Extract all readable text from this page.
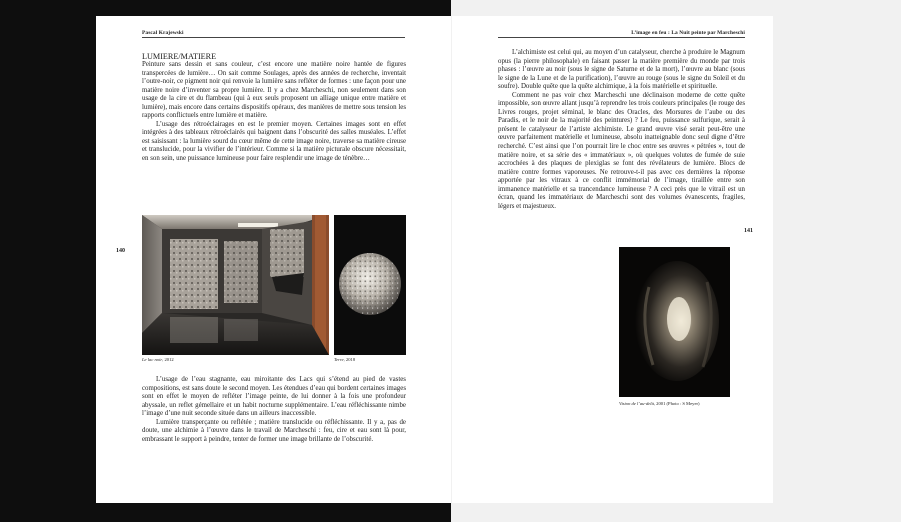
Pascal Krajewski
LUMIERE/MATIERE

Peinture sans dessin et sans couleur, c’est encore une matière noire hantée de figures transpercées de lumière… On sait comme Soulages, après des années de recherche, inventait l’outre-noir, ce pigment noir qui renvoie la lumière sans refléter de formes : une façon pour une matière noire d’inventer sa propre lumière. Il y a chez Marcheschi, non seulement dans son usage de la cire et du flambeau (qui à eux seuls proposent un alliage unique entre matière et lumière), mais encore dans certains dispositifs opéraux, des manières de mettre sous tension les rapports conflictuels entre lumière et matière.

L’usage des rétroéclairages en est le premier moyen. Certaines images sont en effet intégrées à des tableaux rétroéclairés qui baignent dans l’obscurité des salles muséales. L’effet est saisissant : la lumière sourd du cœur même de cette image noire, traverse sa matière cireuse et translucide, pour la vivifier de l’intérieur. Comme si la matière picturale obscure nécessitait, en son sein, une puissance lumineuse pour faire resplendir une image de ténèbre…

140
Le lac noir, 2012	Terre, 2018

L’usage de l’eau stagnante, eau miroitante des Lacs qui s’étend au pied de vastes compositions, est sans doute le second moyen. Les étendues d’eau qui bordent certaines images sont en effet le moyen de refléter l’image peinte, de lui donner à la fois une profondeur abyssale, un reflet gémellaire et un habit nocturne supplémentaire. L’eau réfléchissante nimbe l’image d’une nuit seconde située dans un ailleurs inaccessible.

Lumière transperçante ou reflétée ; matière translucide ou réfléchissante. Il y a, pas de doute, une alchimie à l’œuvre dans le travail de Marcheschi : feu, cire et eau sont là pour, embrassant le support à peindre, tenter de former une image brillante de l’obscurité.

L’image en feu : La Nuit peinte par Marcheschi

L’alchimiste est celui qui, au moyen d’un catalyseur, cherche à produire le Magnum opus (la pierre philosophale) en faisant passer la matière première du monde par trois phases : l’œuvre au noir (sous le signe de Saturne et de la mort), l’œuvre au blanc (sous le signe de la Lune et de la purification), l’œuvre au rouge (sous le signe du Soleil et du soufre). Double quête que la quête alchimique, à la fois matérielle et spirituelle.

Comment ne pas voir chez Marcheschi une déclinaison moderne de cette quête impossible, son œuvre allant jusqu’à reprendre les trois couleurs principales (le rouge des Livres rouges, projet séminal, le blanc des Oracles, des Morsures de l’aube ou des Paradis, et le noir de la majorité des peintures) ? Le feu, puissance sulfurique, serait à présent le catalyseur de l’artiste alchimiste. Le grand œuvre visé serait peut-être une œuvre parfaitement matérielle et lumineuse, absolu inatteignable donc seul digne d’être recherché. C’est ainsi que l’on pourrait lire le choc entre ses œuvres « pétrées », tout de matière noire, et sa série des « immatériaux », où quelques volutes de fumée de suie accrochées à des plaques de plexiglas se font des révélateurs de lumière. Blocs de matière contre formes vaporeuses. Ne retrouve-t-il pas avec ces dernières la réponse apportée par les vitraux à ce conflit immémorial de l’image, tiraillée entre son immanence matérielle et sa trancendance lumineuse ? A ceci près que le vitrail est un écran, quand les immatériaux de Marcheschi sont des volumes évanescents, fragiles, légers et majestueux.

141
Vision de l’au-delà, 2001 (Photo : S Meyer)
